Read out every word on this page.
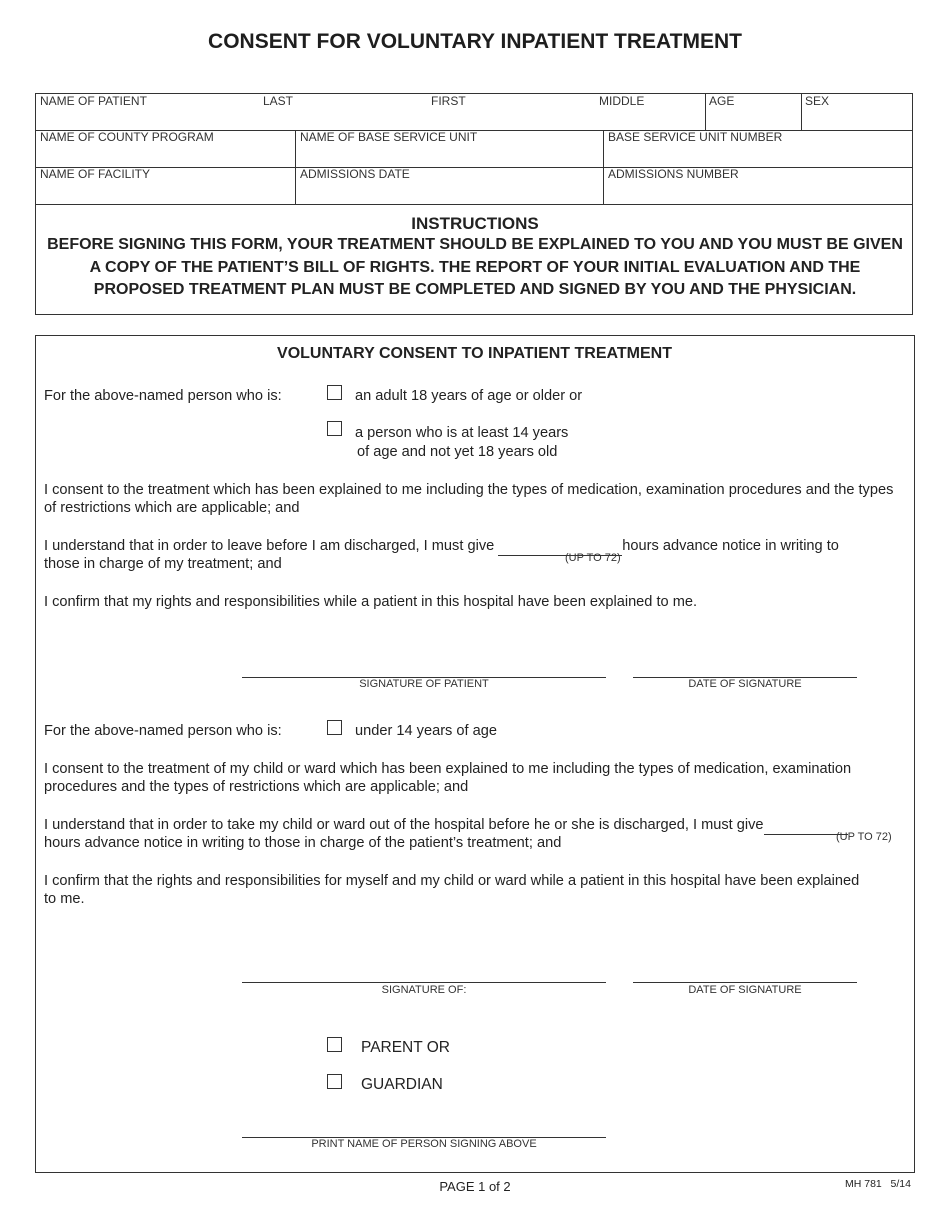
CONSENT FOR VOLUNTARY INPATIENT TREATMENT
NAME OF PATIENT	LAST	FIRST	MIDDLE	AGE	SEX
NAME OF COUNTY PROGRAM	NAME OF BASE SERVICE UNIT	BASE SERVICE UNIT NUMBER
NAME OF FACILITY	ADMISSIONS DATE	ADMISSIONS NUMBER
INSTRUCTIONS
BEFORE SIGNING THIS FORM, YOUR TREATMENT SHOULD BE EXPLAINED TO YOU AND YOU MUST BE GIVEN A COPY OF THE PATIENT’S BILL OF RIGHTS. THE REPORT OF YOUR INITIAL EVALUATION AND THE PROPOSED TREATMENT PLAN MUST BE COMPLETED AND SIGNED BY YOU AND THE PHYSICIAN.
VOLUNTARY CONSENT TO INPATIENT TREATMENT
For the above-named person who is:	an adult 18 years of age or older or
a person who is at least 14 years
of age and not yet 18 years old
I consent to the treatment which has been explained to me including the types of medication, examination procedures and the types of restrictions which are applicable; and
I understand that in order to leave before I am discharged, I must give	hours advance notice in writing to
(UP TO 72)
those in charge of my treatment; and
I confirm that my rights and responsibilities while a patient in this hospital have been explained to me.
SIGNATURE OF PATIENT	DATE OF SIGNATURE
For the above-named person who is:	under 14 years of age
I consent to the treatment of my child or ward which has been explained to me including the types of medication, examination procedures and the types of restrictions which are applicable; and
I understand that in order to take my child or ward out of the hospital before he or she is discharged, I must give
(UP TO 72)
hours advance notice in writing to those in charge of the patient’s treatment; and
I confirm that the rights and responsibilities for myself and my child or ward while a patient in this hospital have been explained to me.
SIGNATURE OF:	DATE OF SIGNATURE
PARENT OR
GUARDIAN
PRINT NAME OF PERSON SIGNING ABOVE
PAGE 1 of 2	MH 781   5/14
